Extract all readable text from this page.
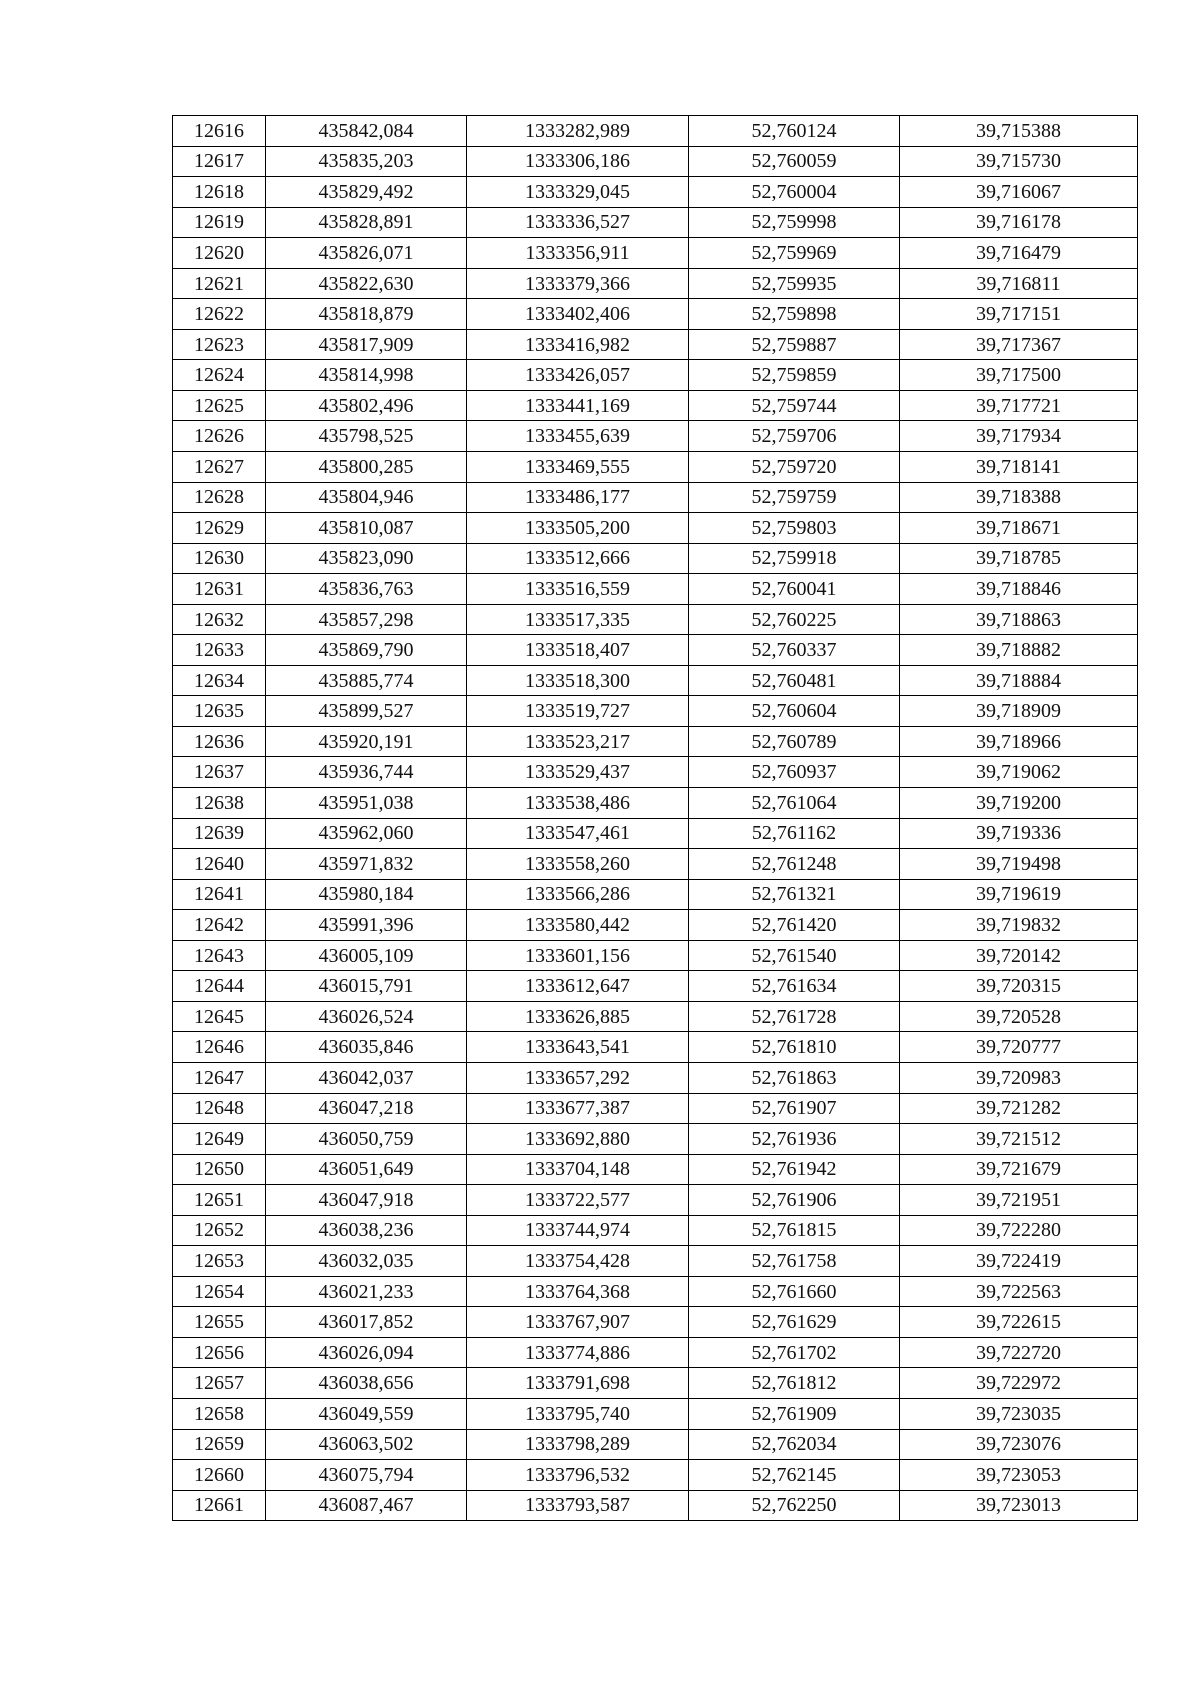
12616	435842,084	1333282,989	52,760124	39,715388
12617	435835,203	1333306,186	52,760059	39,715730
12618	435829,492	1333329,045	52,760004	39,716067
12619	435828,891	1333336,527	52,759998	39,716178
12620	435826,071	1333356,911	52,759969	39,716479
12621	435822,630	1333379,366	52,759935	39,716811
12622	435818,879	1333402,406	52,759898	39,717151
12623	435817,909	1333416,982	52,759887	39,717367
12624	435814,998	1333426,057	52,759859	39,717500
12625	435802,496	1333441,169	52,759744	39,717721
12626	435798,525	1333455,639	52,759706	39,717934
12627	435800,285	1333469,555	52,759720	39,718141
12628	435804,946	1333486,177	52,759759	39,718388
12629	435810,087	1333505,200	52,759803	39,718671
12630	435823,090	1333512,666	52,759918	39,718785
12631	435836,763	1333516,559	52,760041	39,718846
12632	435857,298	1333517,335	52,760225	39,718863
12633	435869,790	1333518,407	52,760337	39,718882
12634	435885,774	1333518,300	52,760481	39,718884
12635	435899,527	1333519,727	52,760604	39,718909
12636	435920,191	1333523,217	52,760789	39,718966
12637	435936,744	1333529,437	52,760937	39,719062
12638	435951,038	1333538,486	52,761064	39,719200
12639	435962,060	1333547,461	52,761162	39,719336
12640	435971,832	1333558,260	52,761248	39,719498
12641	435980,184	1333566,286	52,761321	39,719619
12642	435991,396	1333580,442	52,761420	39,719832
12643	436005,109	1333601,156	52,761540	39,720142
12644	436015,791	1333612,647	52,761634	39,720315
12645	436026,524	1333626,885	52,761728	39,720528
12646	436035,846	1333643,541	52,761810	39,720777
12647	436042,037	1333657,292	52,761863	39,720983
12648	436047,218	1333677,387	52,761907	39,721282
12649	436050,759	1333692,880	52,761936	39,721512
12650	436051,649	1333704,148	52,761942	39,721679
12651	436047,918	1333722,577	52,761906	39,721951
12652	436038,236	1333744,974	52,761815	39,722280
12653	436032,035	1333754,428	52,761758	39,722419
12654	436021,233	1333764,368	52,761660	39,722563
12655	436017,852	1333767,907	52,761629	39,722615
12656	436026,094	1333774,886	52,761702	39,722720
12657	436038,656	1333791,698	52,761812	39,722972
12658	436049,559	1333795,740	52,761909	39,723035
12659	436063,502	1333798,289	52,762034	39,723076
12660	436075,794	1333796,532	52,762145	39,723053
12661	436087,467	1333793,587	52,762250	39,723013
